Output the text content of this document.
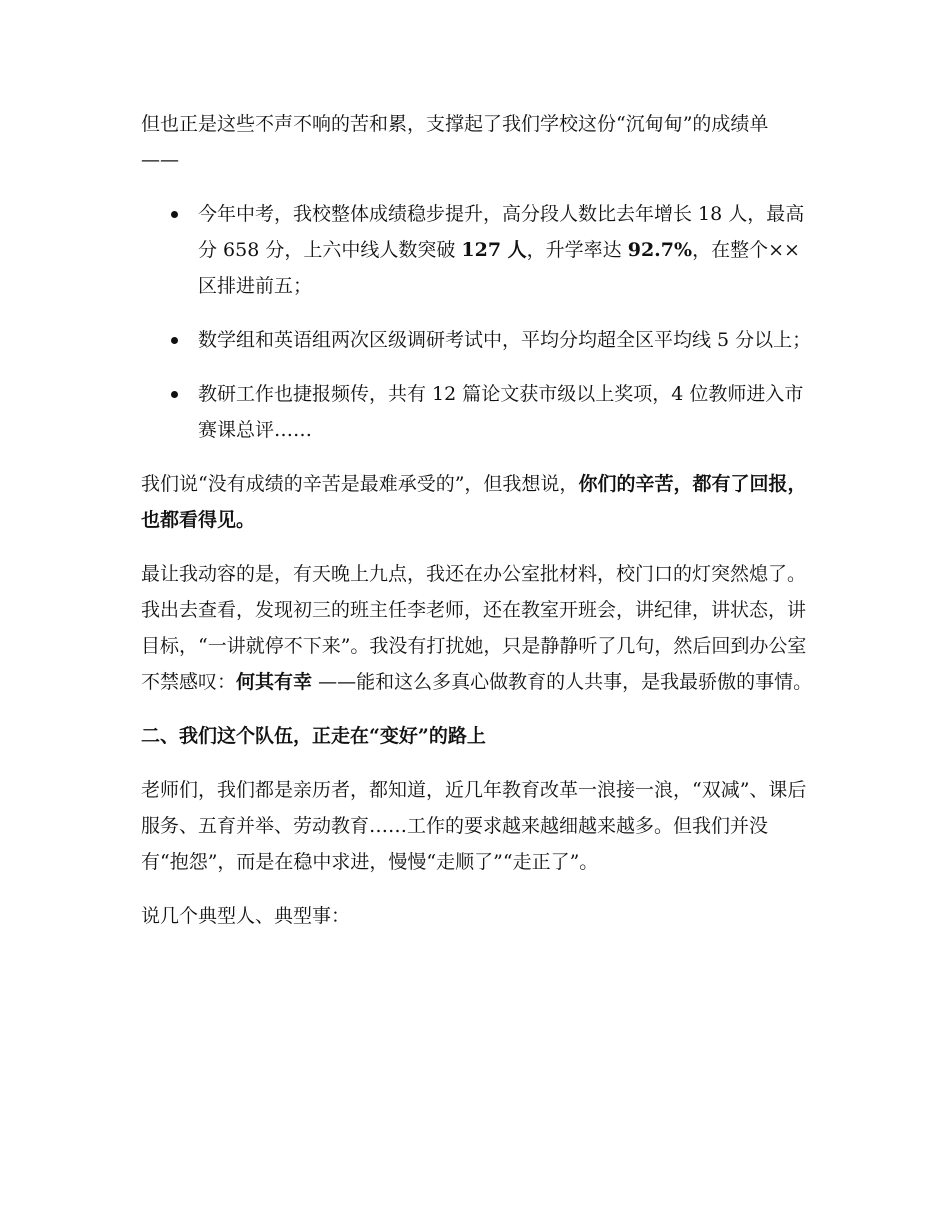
但也正是这些不声不响的苦和累，支撑起了我们学校这份“沉甸甸”的成绩单 ——

今年中考，我校整体成绩稳步提升，高分段人数比去年增长 18 人，最高分 658 分，上六中线人数突破 127 人，升学率达 92.7%，在整个××区排进前五；
数学组和英语组两次区级调研考试中，平均分均超全区平均线 5 分以上；
教研工作也捷报频传，共有 12 篇论文获市级以上奖项，4 位教师进入市赛课总评……

我们说“没有成绩的辛苦是最难承受的”，但我想说，你们的辛苦，都有了回报，也都看得见。

最让我动容的是，有天晚上九点，我还在办公室批材料，校门口的灯突然熄了。我出去查看，发现初三的班主任李老师，还在教室开班会，讲纪律，讲状态，讲目标，“一讲就停不下来”。我没有打扰她，只是静静听了几句，然后回到办公室不禁感叹：何其有幸 ——能和这么多真心做教育的人共事，是我最骄傲的事情。

二、我们这个队伍，正走在“变好”的路上

老师们，我们都是亲历者，都知道，近几年教育改革一浪接一浪，“双减”、课后服务、五育并举、劳动教育……工作的要求越来越细越来越多。但我们并没有“抱怨”，而是在稳中求进，慢慢“走顺了”“走正了”。

说几个典型人、典型事：
